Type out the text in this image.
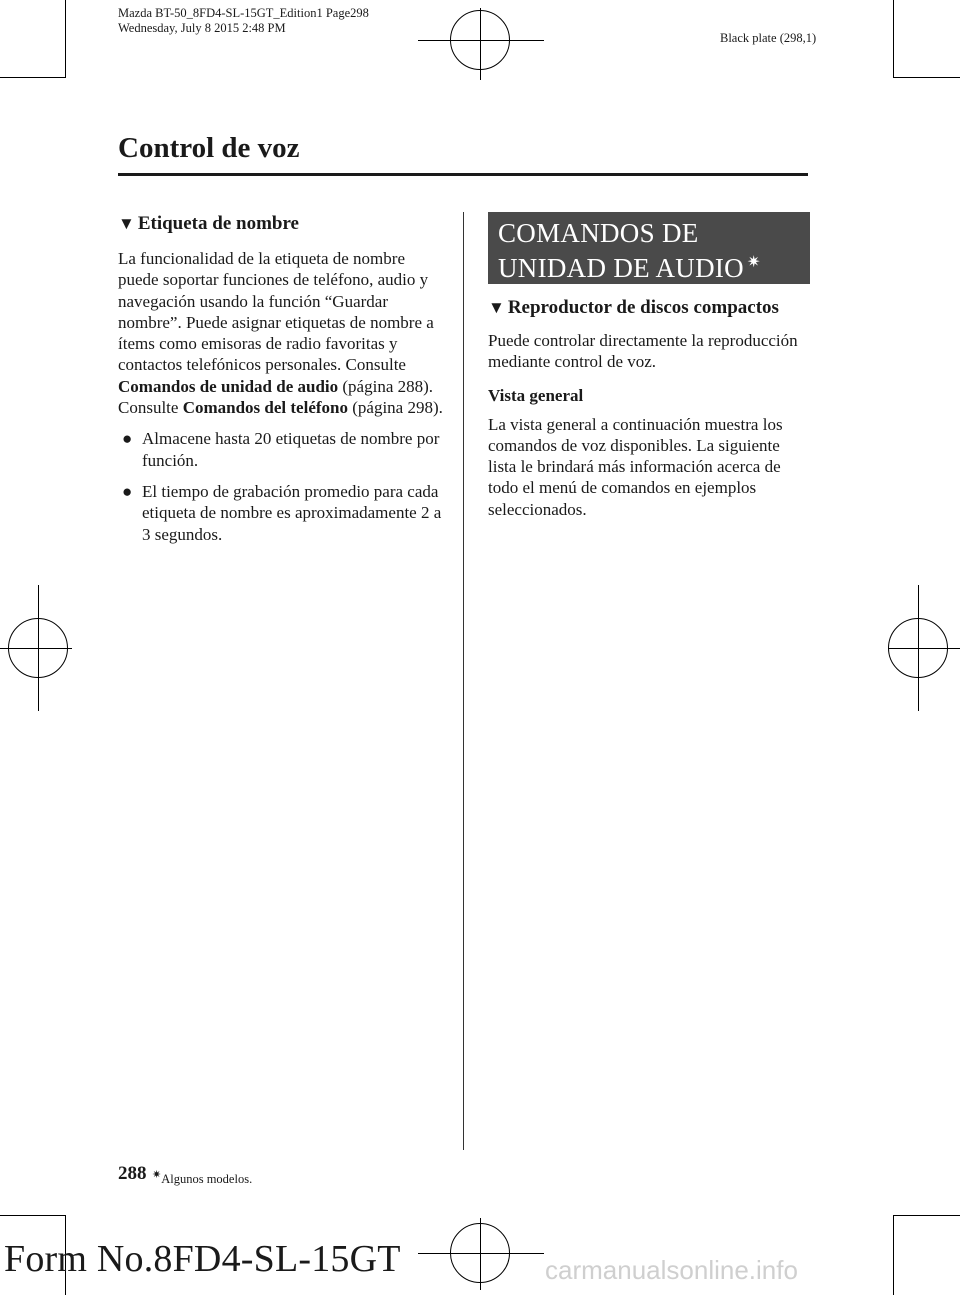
Mazda BT-50_8FD4-SL-15GT_Edition1 Page298
Wednesday, July 8 2015 2:48 PM
Black plate (298,1)
Control de voz

▼ Etiqueta de nombre

La funcionalidad de la etiqueta de nombre puede soportar funciones de teléfono, audio y navegación usando la función “Guardar nombre”. Puede asignar etiquetas de nombre a ítems como emisoras de radio favoritas y contactos telefónicos personales. Consulte Comandos de unidad de audio (página 288). Consulte Comandos del teléfono (página 298).

● Almacene hasta 20 etiquetas de nombre por función.
● El tiempo de grabación promedio para cada etiqueta de nombre es aproximadamente 2 a 3 segundos.
COMANDOS DE
UNIDAD DE AUDIO ✷

▼ Reproductor de discos compactos

Puede controlar directamente la reproducción mediante control de voz.

Vista general

La vista general a continuación muestra los comandos de voz disponibles. La siguiente lista le brindará más información acerca de todo el menú de comandos en ejemplos seleccionados.

288 ✷Algunos modelos.
Form No.8FD4-SL-15GT	carmanualsonline.info
